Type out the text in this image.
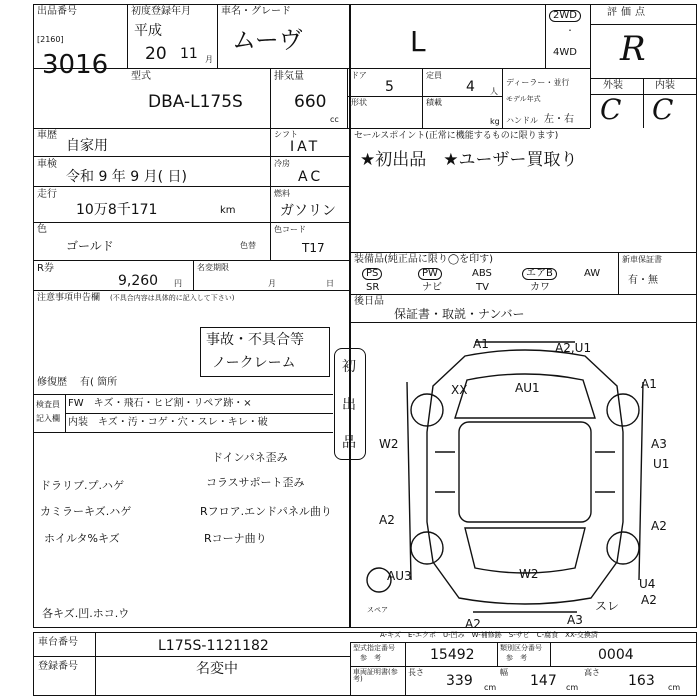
出品番号
[2160]
3016
初度登録年月
平成
20 11 月
車名・グレード
ムーヴ	L
2WD
・
4WD
評価点
R
外装	内装
C C
型式
DBA-L175S
排気量
660
cc
ドア
5
定員
4 人
形状	積載
kg
ディーラー・並行
モデル年式
ハンドル 左・右
車歴
自家用
車検
令和 9 年 9 月( 日)
走行
10万8千171	km
色
ゴールド	色替
R券
9,260 円
名変期限
月	日
シフト
IAT
冷房
AC
燃料
ガソリン
色コード
T17
セールスポイント(正常に機能するものに限ります)
★初出品　★ユーザー買取り
装備品(純正品に限り◯を印す)
PS	PW	ABS	エアB	AW
SR	ナビ	TV	カワ
新車保証書
有・無
後日品
保証書・取説・ナンバー
注意事項申告欄 (不具合内容は具体的に記入して下さい)
事故・不具合等
ノークレーム
修復歴 有( 箇所
初
出
品
検査員
記入欄
FW　キズ・飛石・ヒビ割・リペア跡・×
内装　キズ・汚・コゲ・穴・スレ・キレ・破
ドインパネ歪み
ドラリブ.プ.ハゲ	コラスサポート歪み
カミラーキズ.ハゲ	Rフロア.エンドパネル曲り
ホイルタ%キズ	Rコーナ曲り
各キズ.凹.ホコ.ウ
A1	A2,U1
XX	AU1	A1
W2	A3
U1
A2	A2
AU3	W2
U4
A2
A2	A3
スレ
スペア
A-キズ　E-エクボ　U-凹み　W-補修跡　S-サビ　C-腐食　XX-交換済
車台番号	L175S-1121182
登録番号	名変中
型式指定番号
参　考	15492	類別区分番号
参　考	0004
車両証明書(参考)
長さ
339 cm
幅
147 cm
高さ
163 cm
